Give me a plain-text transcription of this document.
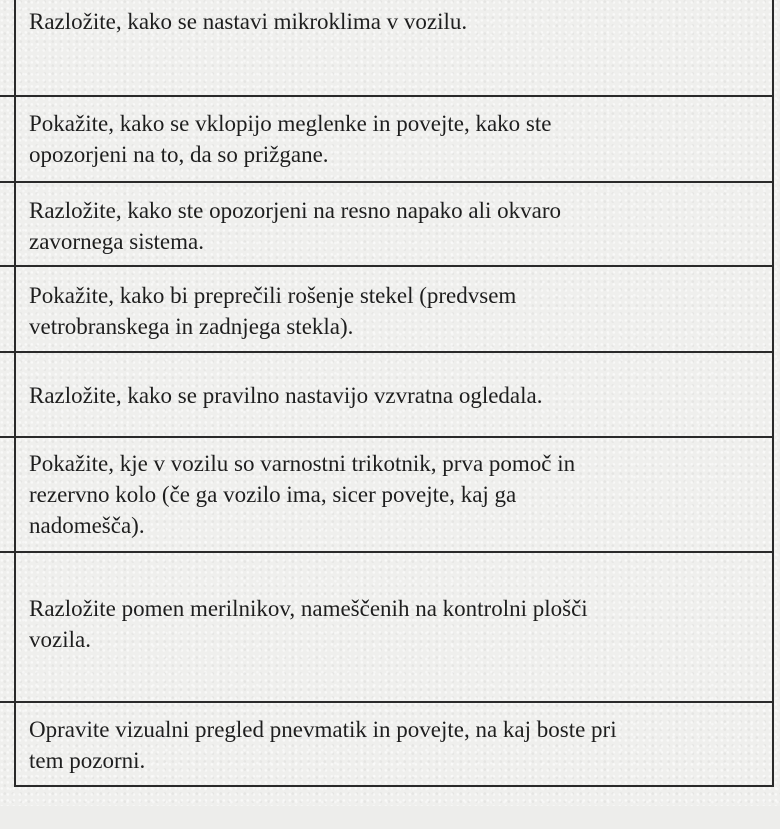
Razložite, kako se nastavi mikroklima v vozilu.
Pokažite, kako se vklopijo meglenke in povejte, kako ste
opozorjeni na to, da so prižgane.
Razložite, kako ste opozorjeni na resno napako ali okvaro
zavornega sistema.
Pokažite, kako bi preprečili rošenje stekel (predvsem
vetrobranskega in zadnjega stekla).
Razložite, kako se pravilno nastavijo vzvratna ogledala.
Pokažite, kje v vozilu so varnostni trikotnik, prva pomoč in
rezervno kolo (če ga vozilo ima, sicer povejte, kaj ga
nadomešča).
Razložite pomen merilnikov, nameščenih na kontrolni plošči
vozila.
Opravite vizualni pregled pnevmatik in povejte, na kaj boste pri
tem pozorni.
